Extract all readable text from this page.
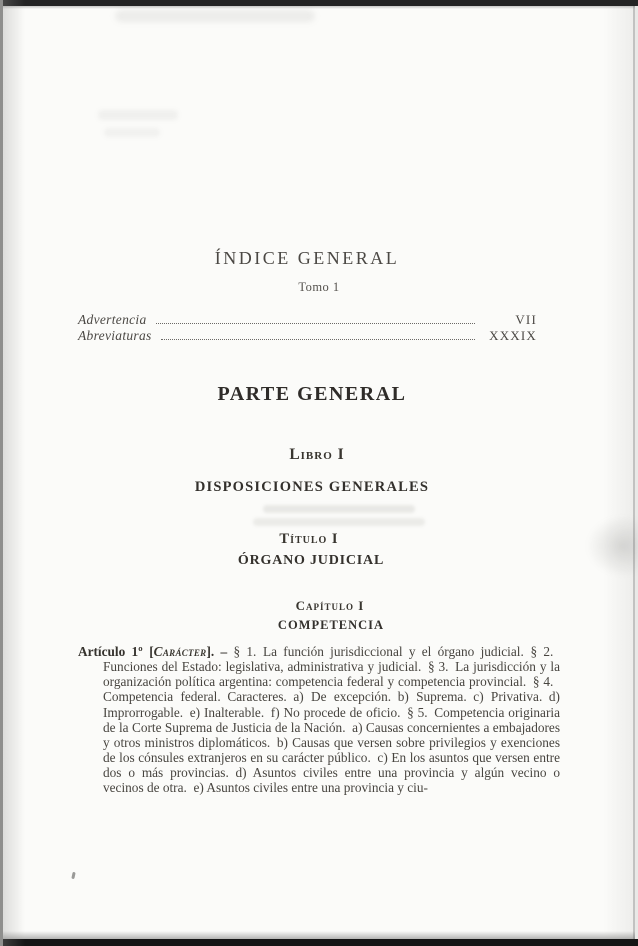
ÍNDICE GENERAL
Tomo 1
Advertencia	VII
Abreviaturas	XXXIX
PARTE GENERAL
Libro I
DISPOSICIONES GENERALES
Título I
ÓRGANO JUDICIAL
Capítulo I
COMPETENCIA

Artículo 1º [Carácter]. – § 1. La función jurisdiccional y el órgano judicial. § 2. Funciones del Estado: legislativa, administrativa y judicial. § 3. La jurisdicción y la organización política argentina: competencia federal y competencia provincial. § 4. Competencia federal. Caracteres. a) De excepción. b) Suprema. c) Privativa. d) Improrrogable. e) Inalterable. f) No procede de oficio. § 5. Competencia originaria de la Corte Suprema de Justicia de la Nación. a) Causas concernientes a embajadores y otros ministros diplomáticos. b) Causas que versen sobre privilegios y exenciones de los cónsules extranjeros en su carácter público. c) En los asuntos que versen entre dos o más provincias. d) Asuntos civiles entre una provincia y algún vecino o vecinos de otra. e) Asuntos civiles entre una provincia y ciu-
